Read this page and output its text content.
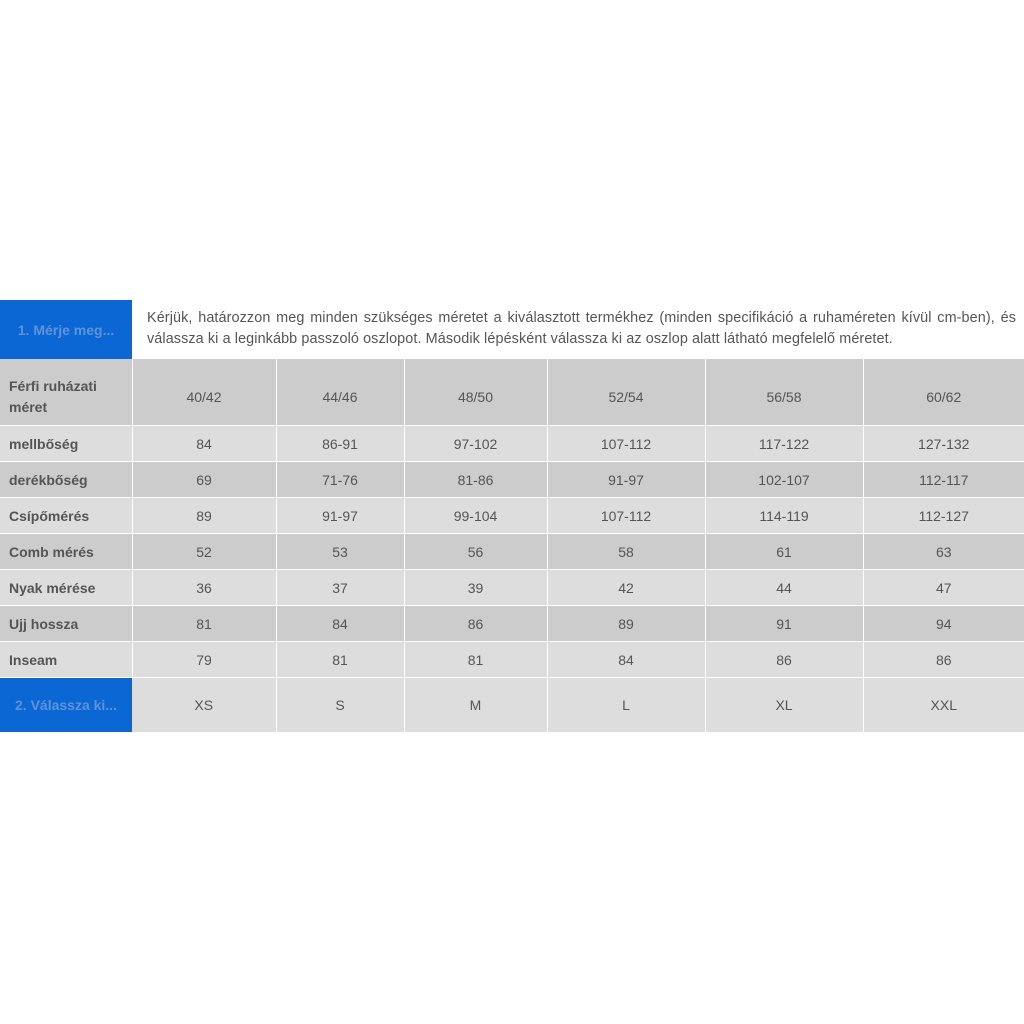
1. Mérje meg...
Kérjük, határozzon meg minden szükséges méretet a kiválasztott termékhez (minden specifikáció a ruhaméreten kívül cm-ben), és válassza ki a leginkább passzoló oszlopot. Második lépésként válassza ki az oszlop alatt látható megfelelő méretet.
Férfi ruházati méret	40/42	44/46	48/50	52/54	56/58	60/62
mellbőség	84	86-91	97-102	107-112	117-122	127-132
derékbőség	69	71-76	81-86	91-97	102-107	112-117
Csípőmérés	89	91-97	99-104	107-112	114-119	112-127
Comb mérés	52	53	56	58	61	63
Nyak mérése	36	37	39	42	44	47
Ujj hossza	81	84	86	89	91	94
Inseam	79	81	81	84	86	86
2. Válassza ki...	XS	S	M	L	XL	XXL
